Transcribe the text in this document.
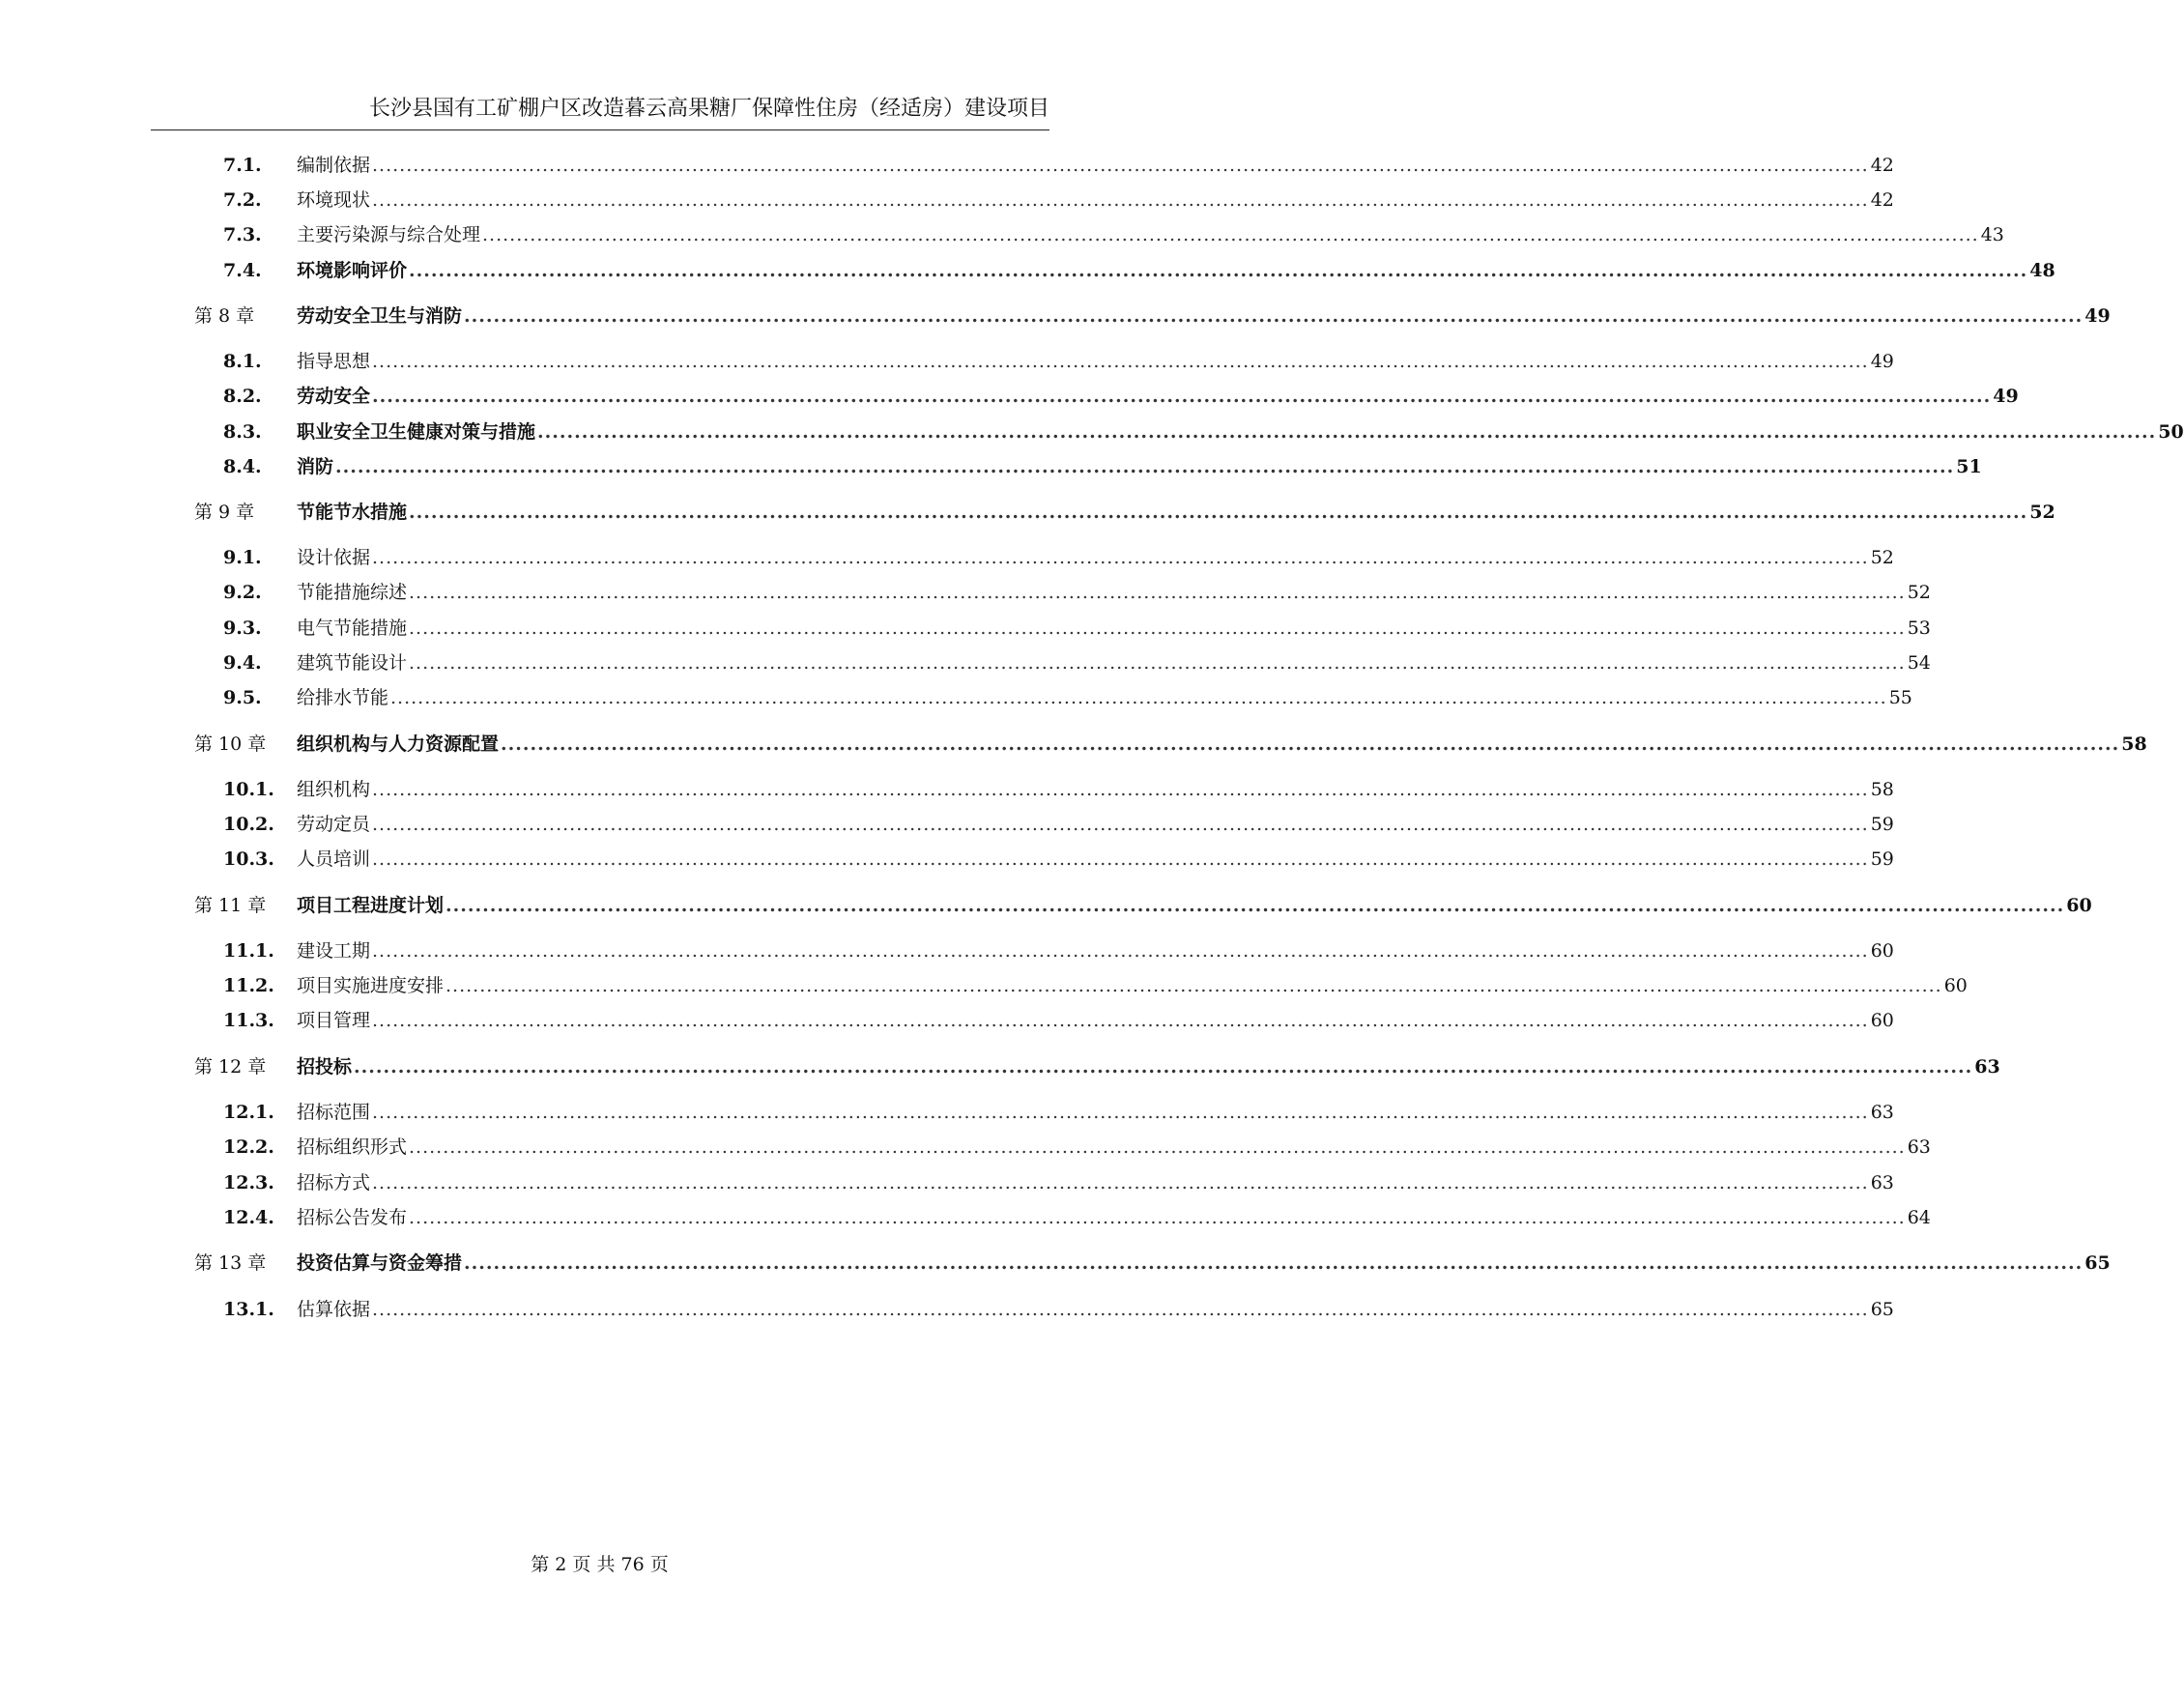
长沙县国有工矿棚户区改造暮云高果糖厂保障性住房（经适房）建设项目
7.1. 编制依据 ............................................................................................................................................................................................................................ 42
7.2. 环境现状 ............................................................................................................................................................................................................................ 42
7.3. 主要污染源与综合处理 ............................................................................................................................................................................................................................ 43
7.4. 环境影响评价 ............................................................................................................................................................................................................................ 48
第 8 章 劳动安全卫生与消防 ............................................................................................................................................................................................................................ 49
8.1. 指导思想 ............................................................................................................................................................................................................................ 49
8.2. 劳动安全 ............................................................................................................................................................................................................................ 49
8.3. 职业安全卫生健康对策与措施 ............................................................................................................................................................................................................................ 50
8.4. 消防 ............................................................................................................................................................................................................................ 51
第 9 章 节能节水措施 ............................................................................................................................................................................................................................ 52
9.1. 设计依据 ............................................................................................................................................................................................................................ 52
9.2. 节能措施综述 ............................................................................................................................................................................................................................ 52
9.3. 电气节能措施 ............................................................................................................................................................................................................................ 53
9.4. 建筑节能设计 ............................................................................................................................................................................................................................ 54
9.5. 给排水节能 ............................................................................................................................................................................................................................ 55
第 10 章 组织机构与人力资源配置 ............................................................................................................................................................................................................................ 58
10.1. 组织机构 ............................................................................................................................................................................................................................ 58
10.2. 劳动定员 ............................................................................................................................................................................................................................ 59
10.3. 人员培训 ............................................................................................................................................................................................................................ 59
第 11 章 项目工程进度计划 ............................................................................................................................................................................................................................ 60
11.1. 建设工期 ............................................................................................................................................................................................................................ 60
11.2. 项目实施进度安排 ............................................................................................................................................................................................................................ 60
11.3. 项目管理 ............................................................................................................................................................................................................................ 60
第 12 章 招投标 ............................................................................................................................................................................................................................ 63
12.1. 招标范围 ............................................................................................................................................................................................................................ 63
12.2. 招标组织形式 ............................................................................................................................................................................................................................ 63
12.3. 招标方式 ............................................................................................................................................................................................................................ 63
12.4. 招标公告发布 ............................................................................................................................................................................................................................ 64
第 13 章 投资估算与资金筹措 ............................................................................................................................................................................................................................ 65
13.1. 估算依据 ............................................................................................................................................................................................................................ 65
第 2 页 共 76 页
